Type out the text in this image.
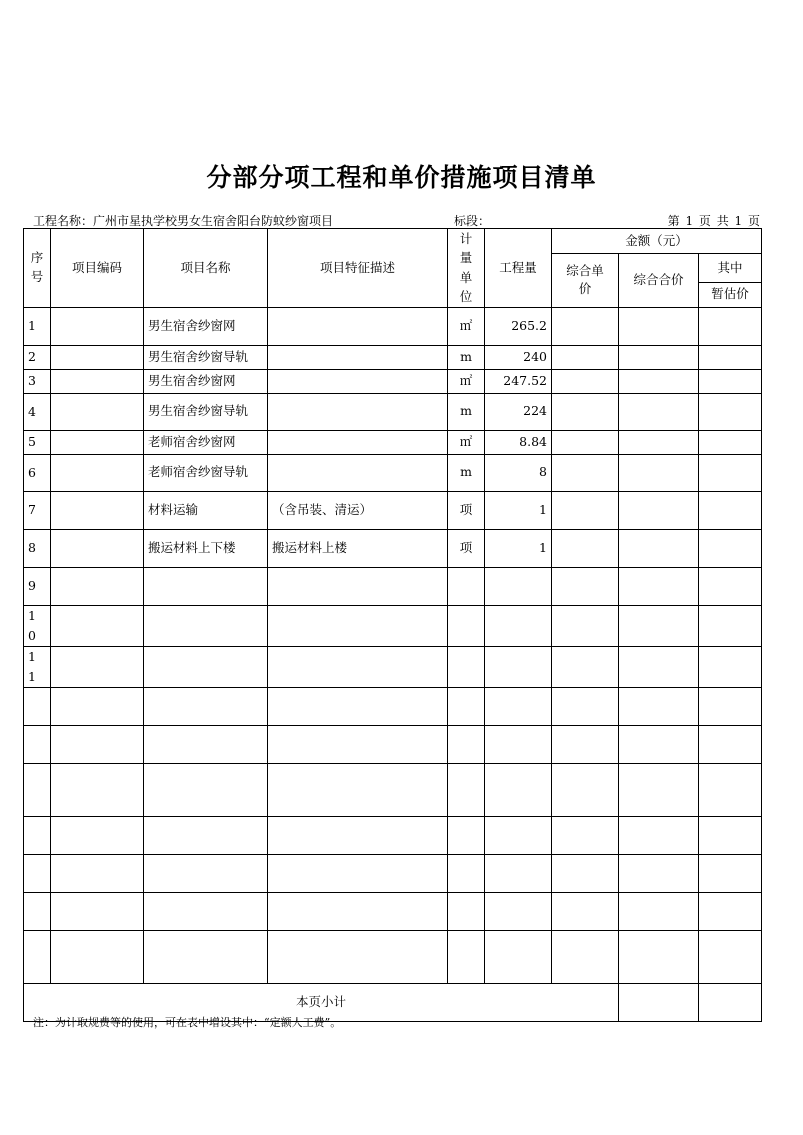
分部分项工程和单价措施项目清单
工程名称：广州市星执学校男女生宿舍阳台防蚊纱窗项目	标段：	第 1 页 共 1 页
序号	项目编码	项目名称	项目特征描述	计量单位	工程量	金额（元）		

						综合单价	综合合价	其中
								暂估价

1		男生宿舍纱窗网		㎡	265.2			

2		男生宿舍纱窗导轨		m	240			

3		男生宿舍纱窗网		㎡	247.52			

4		男生宿舍纱窗导轨		m	224			

5		老师宿舍纱窗网		㎡	8.84			

6		老师宿舍纱窗导轨		m	8			

7		材料运输	（含吊装、清运）	项	1			

8		搬运材料上下楼	搬运材料上楼	项	1			

9								

10								

11								

本页小计								
注：为计取规费等的使用，可在表中增设其中：“定额人工费”。
